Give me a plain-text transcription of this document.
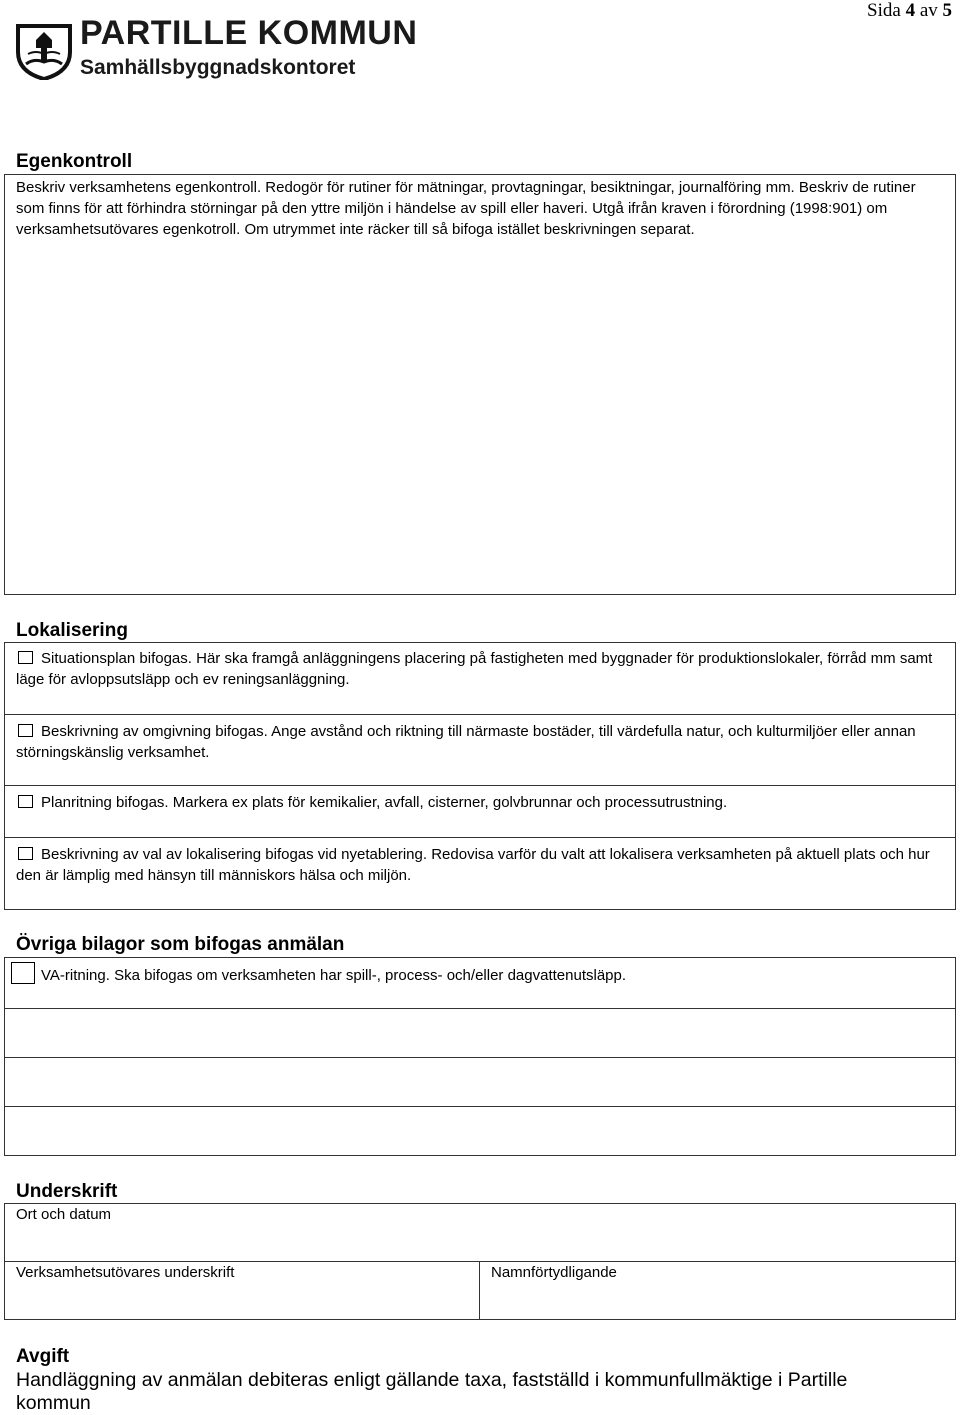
Sida 4 av 5
PARTILLE KOMMUN
Samhällsbyggnadskontoret
Egenkontroll
Beskriv verksamhetens egenkontroll. Redogör för rutiner för mätningar, provtagningar, besiktningar, journalföring mm. Beskriv de rutiner som finns för att förhindra störningar på den yttre miljön i händelse av spill eller haveri. Utgå ifrån kraven i förordning (1998:901) om verksamhetsutövares egenkotroll. Om utrymmet inte räcker till så bifoga istället beskrivningen separat.
Lokalisering
Situationsplan bifogas. Här ska framgå anläggningens placering på fastigheten med byggnader för produktionslokaler, förråd mm samt läge för avloppsutsläpp och ev reningsanläggning.
Beskrivning av omgivning bifogas. Ange avstånd och riktning till närmaste bostäder, till värdefulla natur, och kulturmiljöer eller annan störningskänslig verksamhet.
Planritning bifogas. Markera ex plats för kemikalier, avfall, cisterner, golvbrunnar och processutrustning.
Beskrivning av val av lokalisering bifogas vid nyetablering. Redovisa varför du valt att lokalisera verksamheten på aktuell plats och hur den är lämplig med hänsyn till människors hälsa och miljön.
Övriga bilagor som bifogas anmälan
VA-ritning. Ska bifogas om verksamheten har spill-, process- och/eller dagvattenutsläpp.
Underskrift
Ort och datum
Verksamhetsutövares underskrift	Namnförtydligande
Avgift
Handläggning av anmälan debiteras enligt gällande taxa, fastställd i kommunfullmäktige i Partille kommun
